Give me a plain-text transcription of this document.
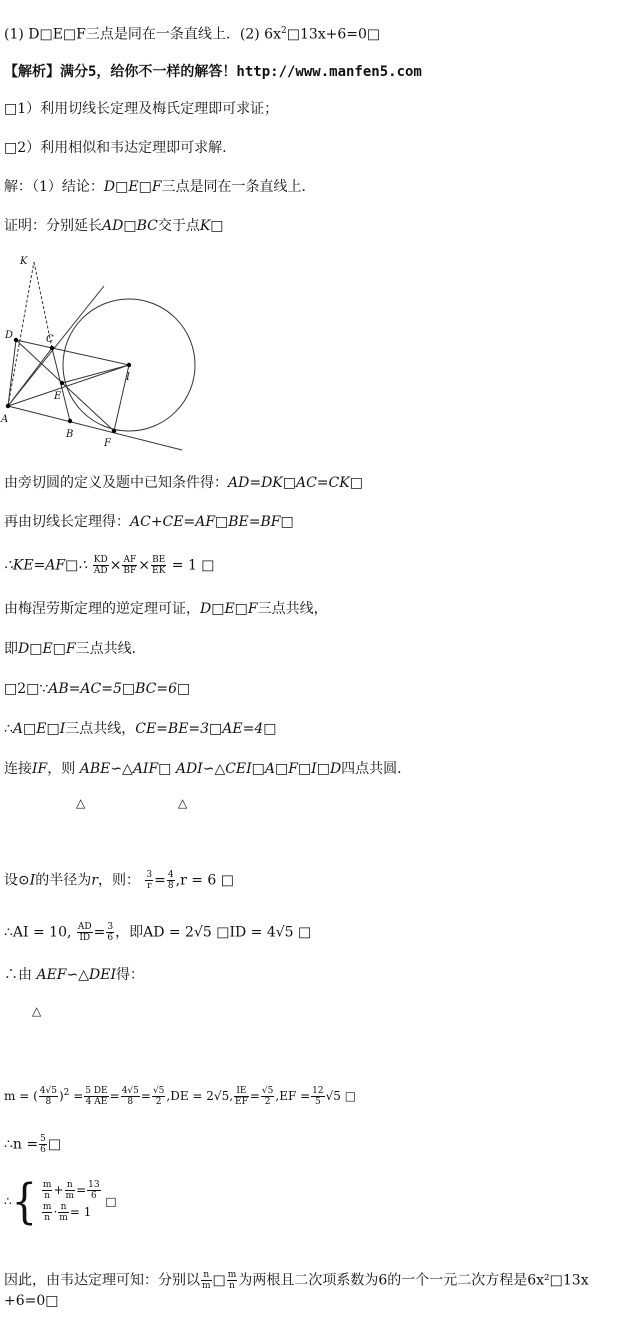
(1) D□E□F三点是同在一条直线上．(2) $6x^2□13x+6=0□$
【解析】满分5，给你不一样的解答！http://www.manfen5.com
□1）利用切线长定理及梅氏定理即可求证；
□2）利用相似和韦达定理即可求解.
解：（1）结论：D□E□F三点是同在一条直线上．
证明：分别延长AD□BC交于点K□
K
D	C
I
E
A
B
F
由旁切圆的定义及题中已知条件得：AD=DK□AC=CK□
再由切线长定理得：AC+CE=AF□BE=BF□
∴KE=AF□∴ $\frac{KD}{AD} \times \frac{AF}{BF} \times \frac{BE}{EK} = 1$ □
由梅涅劳斯定理的逆定理可证，D□E□F三点共线，
即D□E□F三点共线．
□2□∵AB=AC=5□BC=6□
∴A□E□I三点共线，CE=BE=3□AE=4□
连接IF，则 ABE∽△AIF□ ADI∽△CEI□A□F□I□D四点共圆．
△	△
设⊙I的半径为r，则： $\frac{3}{r} = \frac{4}{8} ,r = 6$ □
∴AI = 10, $\frac{AD}{ID} = \frac{3}{6}$ ，即AD = 2√5 □ID = 4√5 □
∴由 AEF∽△DEI得：
△
m = ( $\frac{4√5}{8} )^2 = \frac{5 DE}{4 AE} = \frac{4√5}{8} = \frac{√5}{2} ,DE = 2√5$, $\frac{IE}{EF} = \frac{√5}{2} ,EF = \frac{12}{5} √5$ □
∴n = $\frac{5}{6}$ □
∴{ $\frac{m}{n} + \frac{n}{m} = \frac{13}{6}$
$\frac{m}{n} \cdot \frac{n}{m} = 1$
□
因此，由韦达定理可知：分别以 $\frac{n}{m}$ □ $\frac{m}{n}$ 为两根且二次项系数为6的一个一元二次方程是6x²□13x
+6=0□
